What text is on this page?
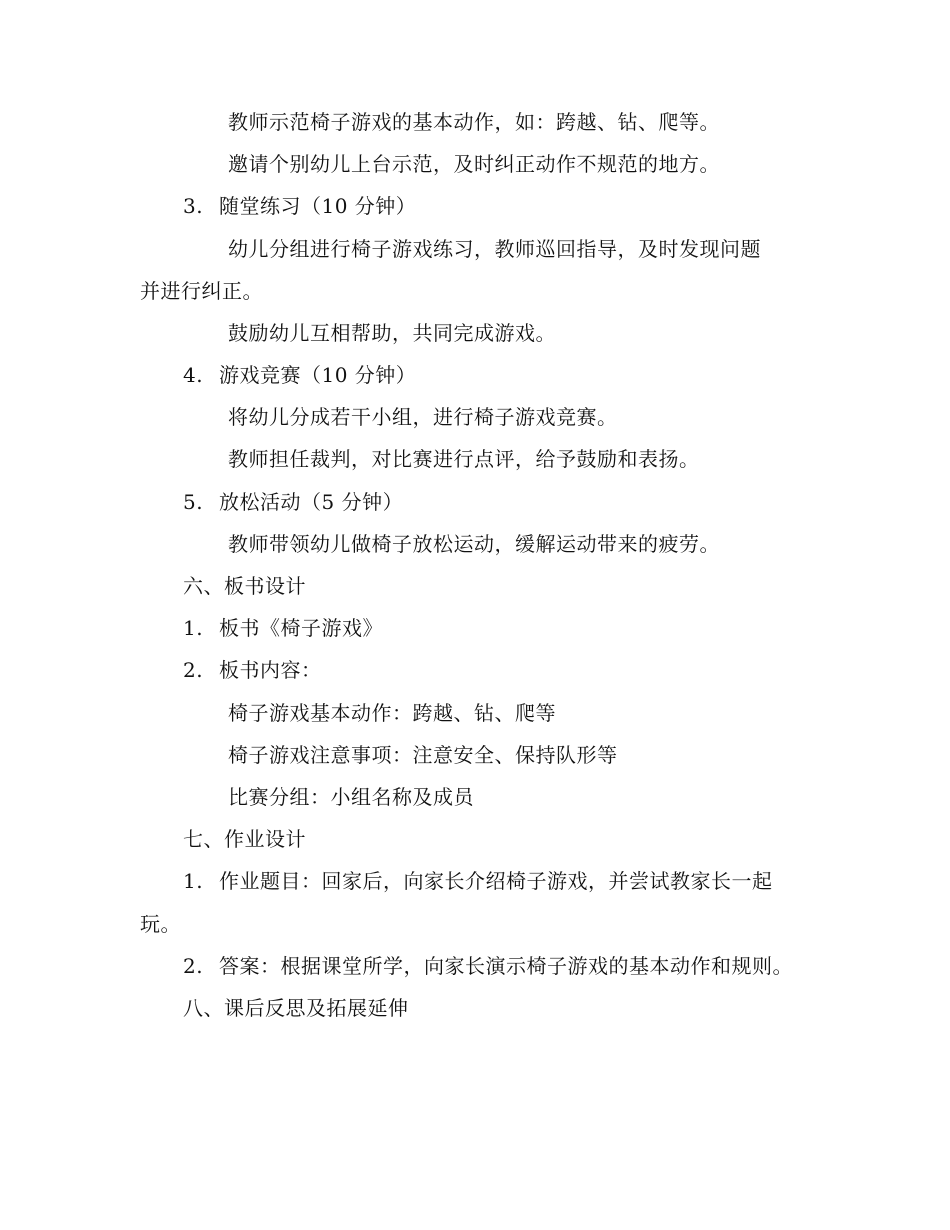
教师示范椅子游戏的基本动作，如：跨越、钻、爬等。
邀请个别幼儿上台示范，及时纠正动作不规范的地方。
3. 随堂练习（10 分钟）
幼儿分组进行椅子游戏练习，教师巡回指导，及时发现问题
并进行纠正。
鼓励幼儿互相帮助，共同完成游戏。
4. 游戏竞赛（10 分钟）
将幼儿分成若干小组，进行椅子游戏竞赛。
教师担任裁判，对比赛进行点评，给予鼓励和表扬。
5. 放松活动（5 分钟）
教师带领幼儿做椅子放松运动，缓解运动带来的疲劳。
六、板书设计
1. 板书《椅子游戏》
2. 板书内容：
椅子游戏基本动作：跨越、钻、爬等
椅子游戏注意事项：注意安全、保持队形等
比赛分组：小组名称及成员
七、作业设计
1. 作业题目：回家后，向家长介绍椅子游戏，并尝试教家长一起
玩。
2. 答案：根据课堂所学，向家长演示椅子游戏的基本动作和规则。
八、课后反思及拓展延伸
